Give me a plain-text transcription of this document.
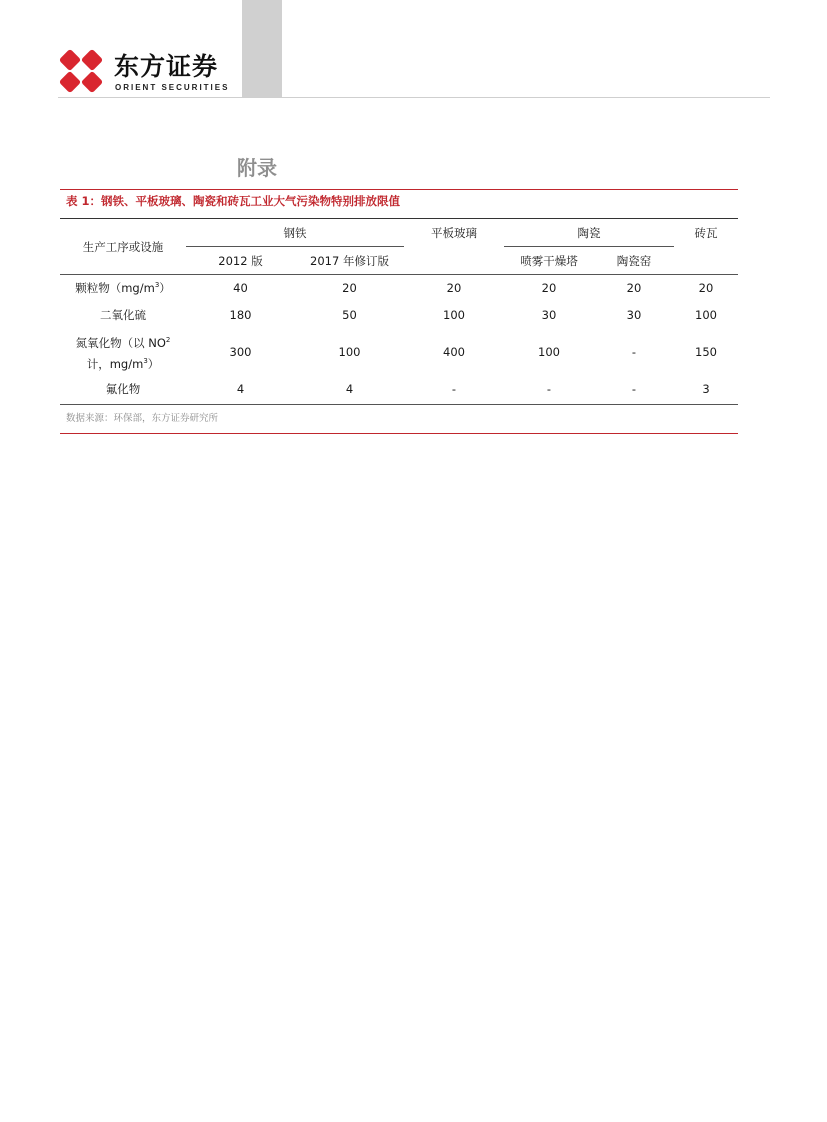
东方证券
ORIENT SECURITIES
附录
表 1：钢铁、平板玻璃、陶瓷和砖瓦工业大气污染物特别排放限值
生产工序或设施	钢铁		平板玻璃	陶瓷		砖瓦
	2012 版	2017 年修订版		喷雾干燥塔	陶瓷窑	
颗粒物$(mg/m^3)$	40	20	20	20	20	20
二氧化硫	180	50	100	30	30	100
氮氧化物（以 $NO^2$
计，$mg/m^3$）	300	100	400	100	-	150
氟化物	4	4	-	-	-	3
数据来源：环保部，东方证券研究所
